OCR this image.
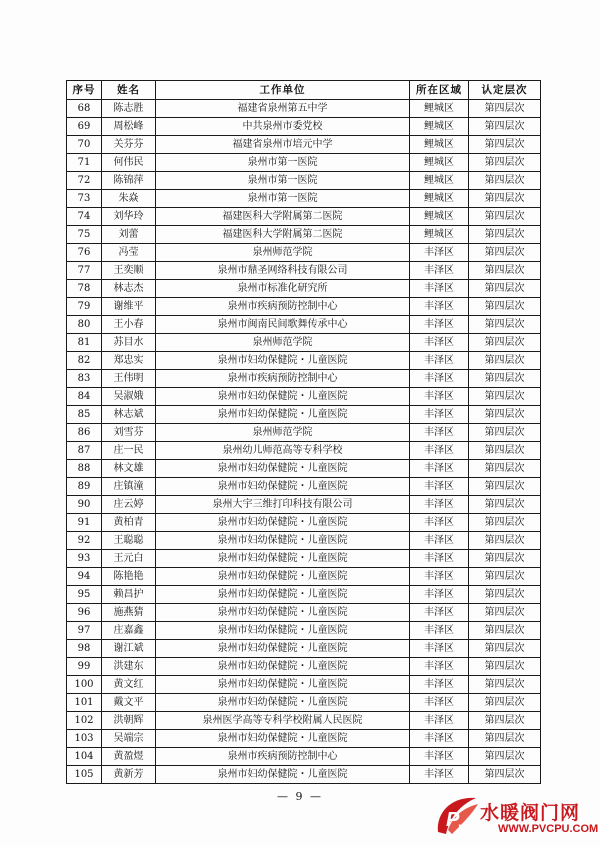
序号	姓名	工作单位	所在区域	认定层次
68	陈志胜	福建省泉州第五中学	鲤城区	第四层次
69	周松峰	中共泉州市委党校	鲤城区	第四层次
70	关芬芬	福建省泉州市培元中学	鲤城区	第四层次
71	何伟民	泉州市第一医院	鲤城区	第四层次
72	陈锦萍	泉州市第一医院	鲤城区	第四层次
73	朱焱	泉州市第一医院	鲤城区	第四层次
74	刘华玲	福建医科大学附属第二医院	鲤城区	第四层次
75	刘蕾	福建医科大学附属第二医院	鲤城区	第四层次
76	冯莹	泉州师范学院	丰泽区	第四层次
77	王奕顺	泉州市鼎圣网络科技有限公司	丰泽区	第四层次
78	林志杰	泉州市标准化研究所	丰泽区	第四层次
79	谢维平	泉州市疾病预防控制中心	丰泽区	第四层次
80	王小春	泉州市闽南民间歌舞传承中心	丰泽区	第四层次
81	苏目水	泉州师范学院	丰泽区	第四层次
82	郑忠实	泉州市妇幼保健院・儿童医院	丰泽区	第四层次
83	王伟明	泉州市疾病预防控制中心	丰泽区	第四层次
84	吴淑娥	泉州市妇幼保健院・儿童医院	丰泽区	第四层次
85	林志斌	泉州市妇幼保健院・儿童医院	丰泽区	第四层次
86	刘雪芬	泉州师范学院	丰泽区	第四层次
87	庄一民	泉州幼儿师范高等专科学校	丰泽区	第四层次
88	林文雄	泉州市妇幼保健院・儿童医院	丰泽区	第四层次
89	庄镇潼	泉州市妇幼保健院・儿童医院	丰泽区	第四层次
90	庄云婷	泉州大宇三维打印科技有限公司	丰泽区	第四层次
91	黄柏青	泉州市妇幼保健院・儿童医院	丰泽区	第四层次
92	王聪聪	泉州市妇幼保健院・儿童医院	丰泽区	第四层次
93	王元白	泉州市妇幼保健院・儿童医院	丰泽区	第四层次
94	陈艳艳	泉州市妇幼保健院・儿童医院	丰泽区	第四层次
95	赖昌护	泉州市妇幼保健院・儿童医院	丰泽区	第四层次
96	施燕猜	泉州市妇幼保健院・儿童医院	丰泽区	第四层次
97	庄嘉鑫	泉州市妇幼保健院・儿童医院	丰泽区	第四层次
98	谢江斌	泉州市妇幼保健院・儿童医院	丰泽区	第四层次
99	洪建东	泉州市妇幼保健院・儿童医院	丰泽区	第四层次
100	黄文红	泉州市妇幼保健院・儿童医院	丰泽区	第四层次
101	戴文平	泉州市妇幼保健院・儿童医院	丰泽区	第四层次
102	洪朝辉	泉州医学高等专科学校附属人民医院	丰泽区	第四层次
103	吴端宗	泉州市妇幼保健院・儿童医院	丰泽区	第四层次
104	黄盈煜	泉州市疾病预防控制中心	丰泽区	第四层次
105	黄新芳	泉州市妇幼保健院・儿童医院	丰泽区	第四层次
— 9 —
P
v
水暖阀门网
WWW.PVCPU.COM
